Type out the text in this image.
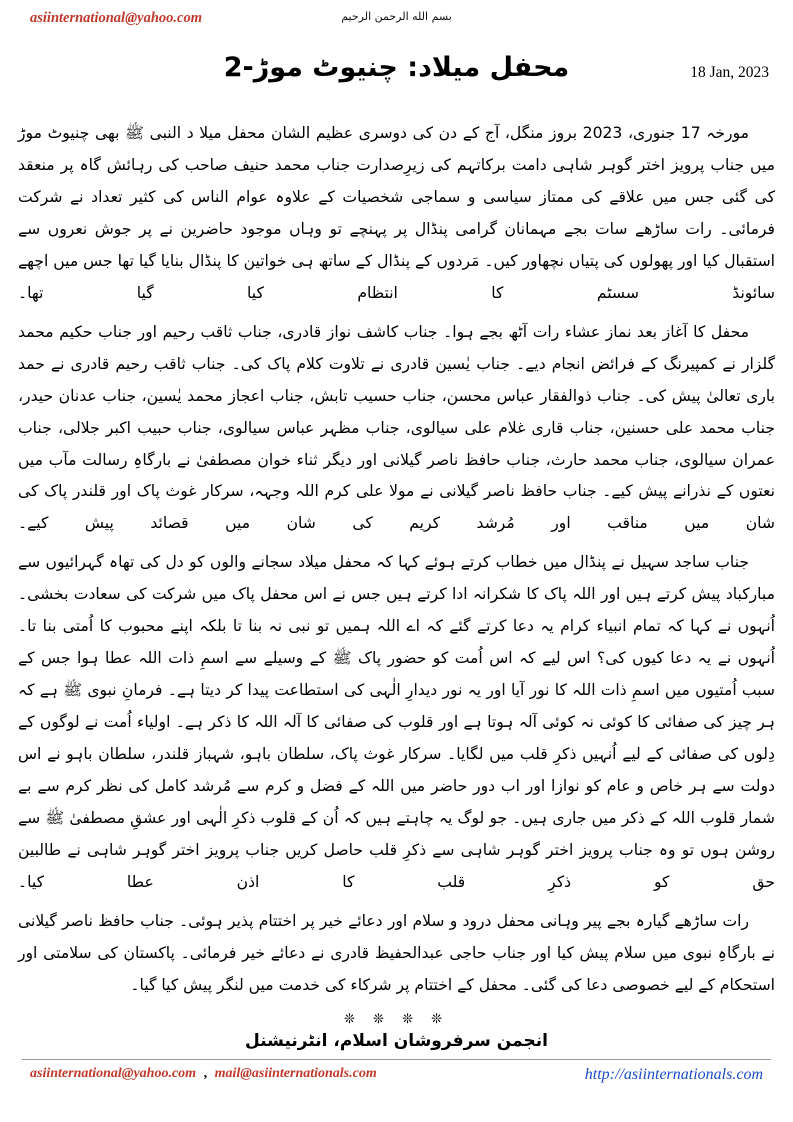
asiinternational@yahoo.com	بسم الله الرحمن الرحيم
محفل میلاد: چنیوٹ موڑ-2	18 Jan, 2023

مورخہ 17 جنوری، 2023 بروز منگل، آج کے دن کی دوسری عظیم الشان محفل میلا د النبی ﷺ بھی چنیوٹ موڑ میں جناب پرویز اختر گوہر شاہی دامت برکاتہم کی زیرِصدارت جناب محمد حنیف صاحب کی رہائش گاہ پر منعقد کی گئی جس میں علاقے کی ممتاز سیاسی و سماجی شخصیات کے علاوہ عوام الناس کی کثیر تعداد نے شرکت فرمائی۔ رات ساڑھے سات بجے مہمانان گرامی پنڈال پر پہنچے تو وہاں موجود حاضرین نے پر جوش نعروں سے استقبال کیا اور پھولوں کی پتیاں نچھاور کیں۔ مَردوں کے پنڈال کے ساتھ ہی خواتین کا پنڈال بنایا گیا تھا جس میں اچھے سائونڈ سسٹم کا انتظام کیا گیا تھا۔

محفل کا آغاز بعد نماز عشاء رات آٹھ بجے ہوا۔ جناب کاشف نواز قادری، جناب ثاقب رحیم اور جناب حکیم محمد گلزار نے کمپیرنگ کے فرائض انجام دیے۔ جناب یٰسین قادری نے تلاوت کلام پاک کی۔ جناب ثاقب رحیم قادری نے حمد باری تعالیٰ پیش کی۔ جناب ذوالفقار عباس محسن، جناب حسیب تابش، جناب اعجاز محمد یٰسین، جناب عدنان حیدر، جناب محمد علی حسنین، جناب قاری غلام علی سیالوی، جناب مظہر عباس سیالوی، جناب حبیب اکبر جلالی، جناب عمران سیالوی، جناب محمد حارث، جناب حافظ ناصر گیلانی اور دیگر ثناء خوان مصطفیٰ نے بارگاہِ رسالت مآب میں نعتوں کے نذرانے پیش کیے۔ جناب حافظ ناصر گیلانی نے مولا علی کرم اللہ وجہہ، سرکار غوث پاک اور قلندر پاک کی شان میں مناقب اور مُرشد کریم کی شان میں قصائد پیش کیے۔

جناب ساجد سہیل نے پنڈال میں خطاب کرتے ہوئے کہا کہ محفل میلاد سجانے والوں کو دل کی تھاہ گہرائیوں سے مبارکباد پیش کرتے ہیں اور اللہ پاک کا شکرانہ ادا کرتے ہیں جس نے اس محفل پاک میں شرکت کی سعادت بخشی۔ اُنہوں نے کہا کہ تمام انبیاء کرام یہ دعا کرتے گئے کہ اے اللہ ہمیں تو نبی نہ بنا تا بلکہ اپنے محبوب کا اُمتی بنا تا۔ اُنہوں نے یہ دعا کیوں کی؟ اس لیے کہ اس اُمت کو حضور پاک ﷺ کے وسیلے سے اسمِ ذات اللہ عطا ہوا جس کے سبب اُمتیوں میں اسمِ ذات اللہ کا نور آیا اور یہ نور دیدارِ الٰہی کی استطاعت پیدا کر دیتا ہے۔ فرمانِ نبوی ﷺ ہے کہ ہر چیز کی صفائی کا کوئی نہ کوئی آلہ ہوتا ہے اور قلوب کی صفائی کا آلہ اللہ کا ذکر ہے۔ اولیاء اُمت نے لوگوں کے دِلوں کی صفائی کے لیے اُنہیں ذکرِ قلب میں لگایا۔ سرکار غوث پاک، سلطان باہو، شہباز قلندر، سلطان باہو نے اس دولت سے ہر خاص و عام کو نوازا اور اب دور حاضر میں اللہ کے فضل و کرم سے مُرشد کامل کی نظر کرم سے بے شمار قلوب اللہ کے ذکر میں جاری ہیں۔ جو لوگ یہ چاہتے ہیں کہ اُن کے قلوب ذکرِ الٰہی اور عشقِ مصطفیٰ ﷺ سے روشن ہوں تو وہ جناب پرویز اختر گوہر شاہی سے ذکرِ قلب حاصل کریں جناب پرویز اختر گوہر شاہی نے طالبین حق کو ذکرِ قلب کا اذن عطا کیا۔

رات ساڑھے گیارہ بجے پیر وہانی محفل درود و سلام اور دعائے خیر پر اختتام پذیر ہوئی۔ جناب حافظ ناصر گیلانی نے بارگاہِ نبوی میں سلام پیش کیا اور جناب حاجی عبدالحفیظ قادری نے دعائے خیر فرمائی۔ پاکستان کی سلامتی اور استحکام کے لیے خصوصی دعا کی گئی۔ محفل کے اختتام پر شرکاء کی خدمت میں لنگر پیش کیا گیا۔

❊ ❊ ❊ ❊
انجمن سرفروشان اسلام، انٹرنیشنل
asiinternational@yahoo.com , mail@asiinternationals.com	http://asiinternationals.com
